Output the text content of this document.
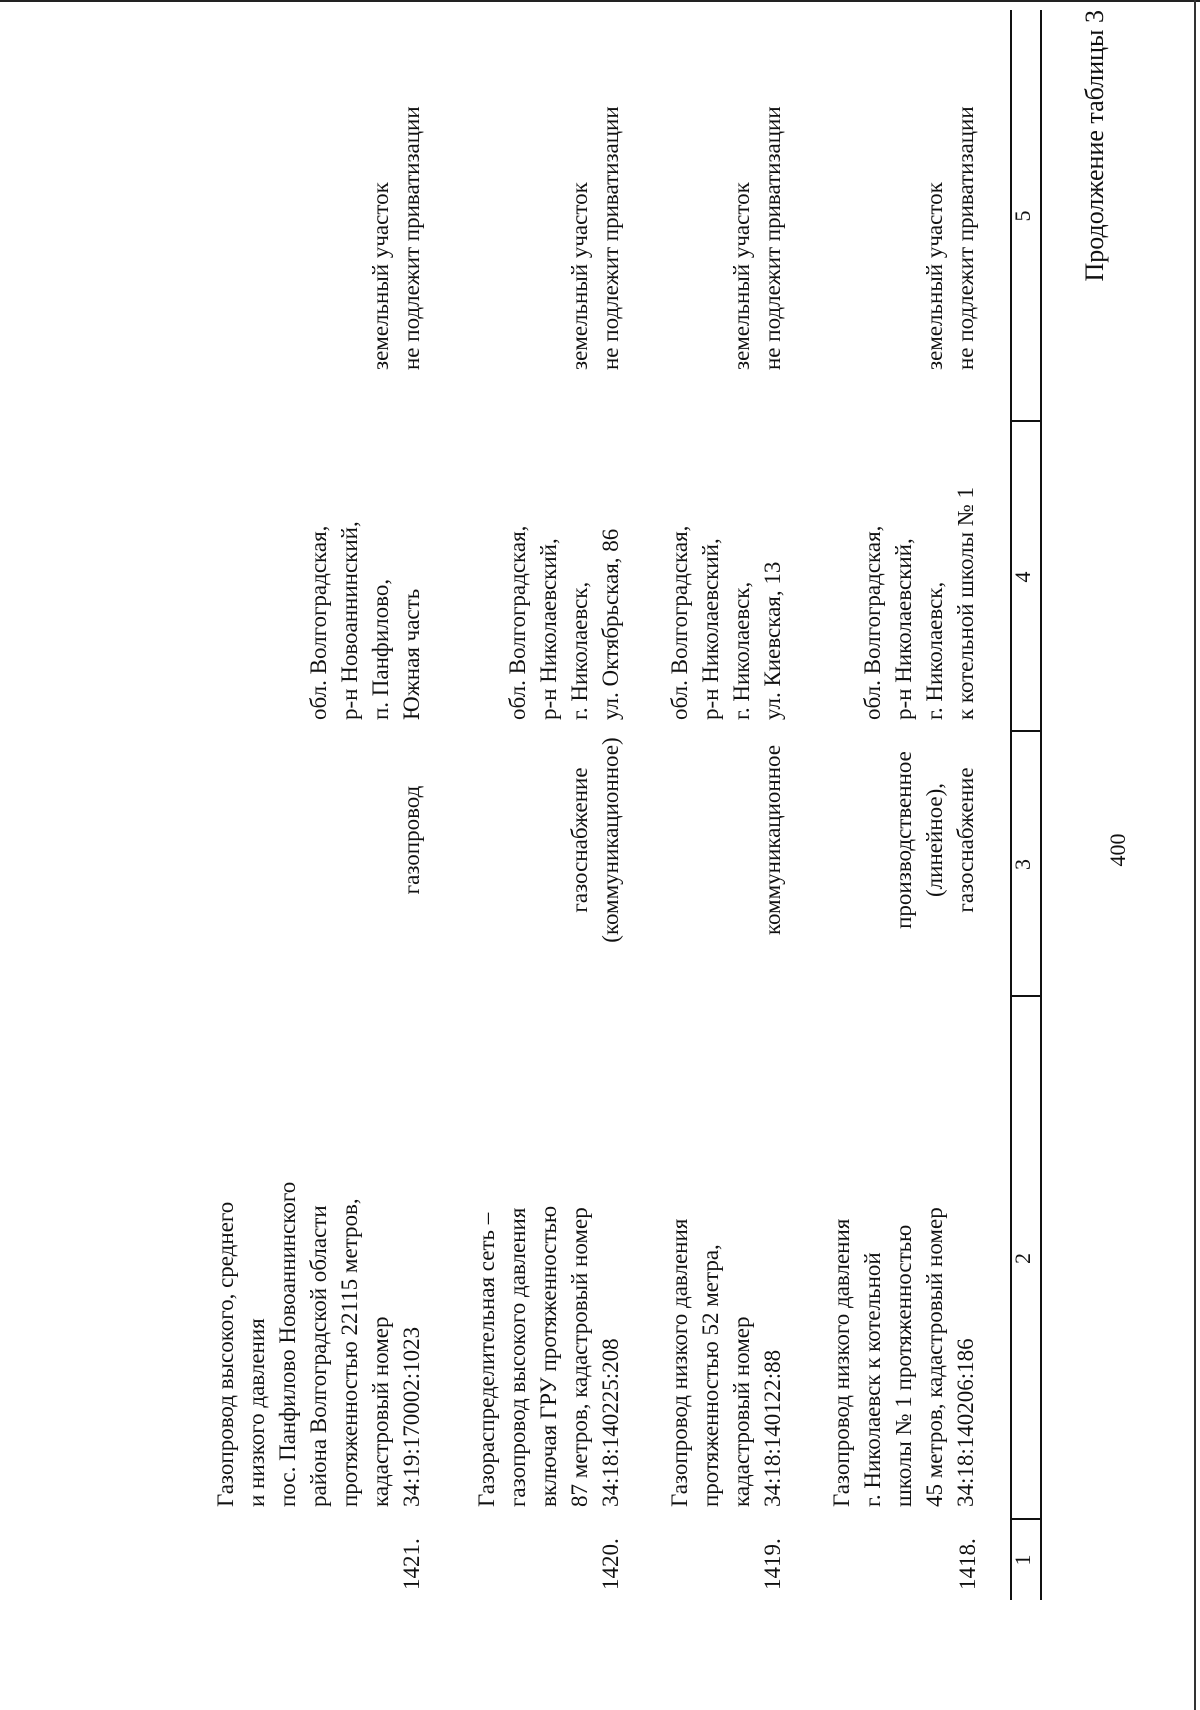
400
Продолжение таблицы 3
1
2
3
4
5
1418.
Газопровод низкого давления
г. Николаевск к котельной
школы № 1 протяженностью
45 метров, кадастровый номер
34:18:140206:186
производственное
(линейное),
газоснабжение
обл. Волгоградская,
р-н Николаевский,
г. Николаевск,
к котельной школы № 1
земельный участок
не подлежит приватизации
1419.
Газопровод низкого давления
протяженностью 52 метра,
кадастровый номер
34:18:140122:88
коммуникационное
обл. Волгоградская,
р-н Николаевский,
г. Николаевск,
ул. Киевская, 13
земельный участок
не подлежит приватизации
1420.
Газораспределительная сеть –
газопровод высокого давления
включая ГРУ протяженностью
87 метров, кадастровый номер
34:18:140225:208
газоснабжение
(коммуникационное)
обл. Волгоградская,
р-н Николаевский,
г. Николаевск,
ул. Октябрьская, 86
земельный участок
не подлежит приватизации
1421.
Газопровод высокого, среднего
и низкого давления
пос. Панфилово Новоаннинского
района Волгоградской области
протяженностью 22115 метров,
кадастровый номер
34:19:170002:1023
газопровод
обл. Волгоградская,
р-н Новоаннинский,
п. Панфилово,
Южная часть
земельный участок
не подлежит приватизации
